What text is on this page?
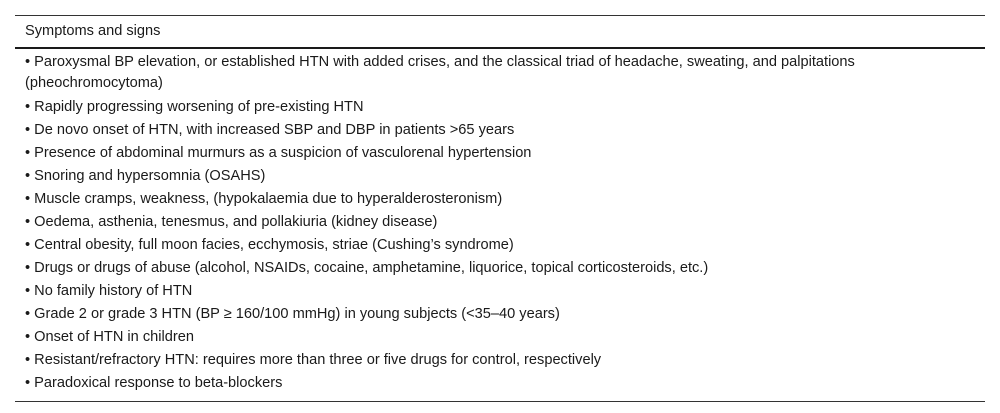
Symptoms and signs
• Paroxysmal BP elevation, or established HTN with added crises, and the classical triad of headache, sweating, and palpitations (pheochromocytoma)
• Rapidly progressing worsening of pre-existing HTN
• De novo onset of HTN, with increased SBP and DBP in patients >65 years
• Presence of abdominal murmurs as a suspicion of vasculorenal hypertension
• Snoring and hypersomnia (OSAHS)
• Muscle cramps, weakness, (hypokalaemia due to hyperalderosteronism)
• Oedema, asthenia, tenesmus, and pollakiuria (kidney disease)
• Central obesity, full moon facies, ecchymosis, striae (Cushing’s syndrome)
• Drugs or drugs of abuse (alcohol, NSAIDs, cocaine, amphetamine, liquorice, topical corticosteroids, etc.)
• No family history of HTN
• Grade 2 or grade 3 HTN (BP ≥ 160/100 mmHg) in young subjects (<35–40 years)
• Onset of HTN in children
• Resistant/refractory HTN: requires more than three or five drugs for control, respectively
• Paradoxical response to beta-blockers
